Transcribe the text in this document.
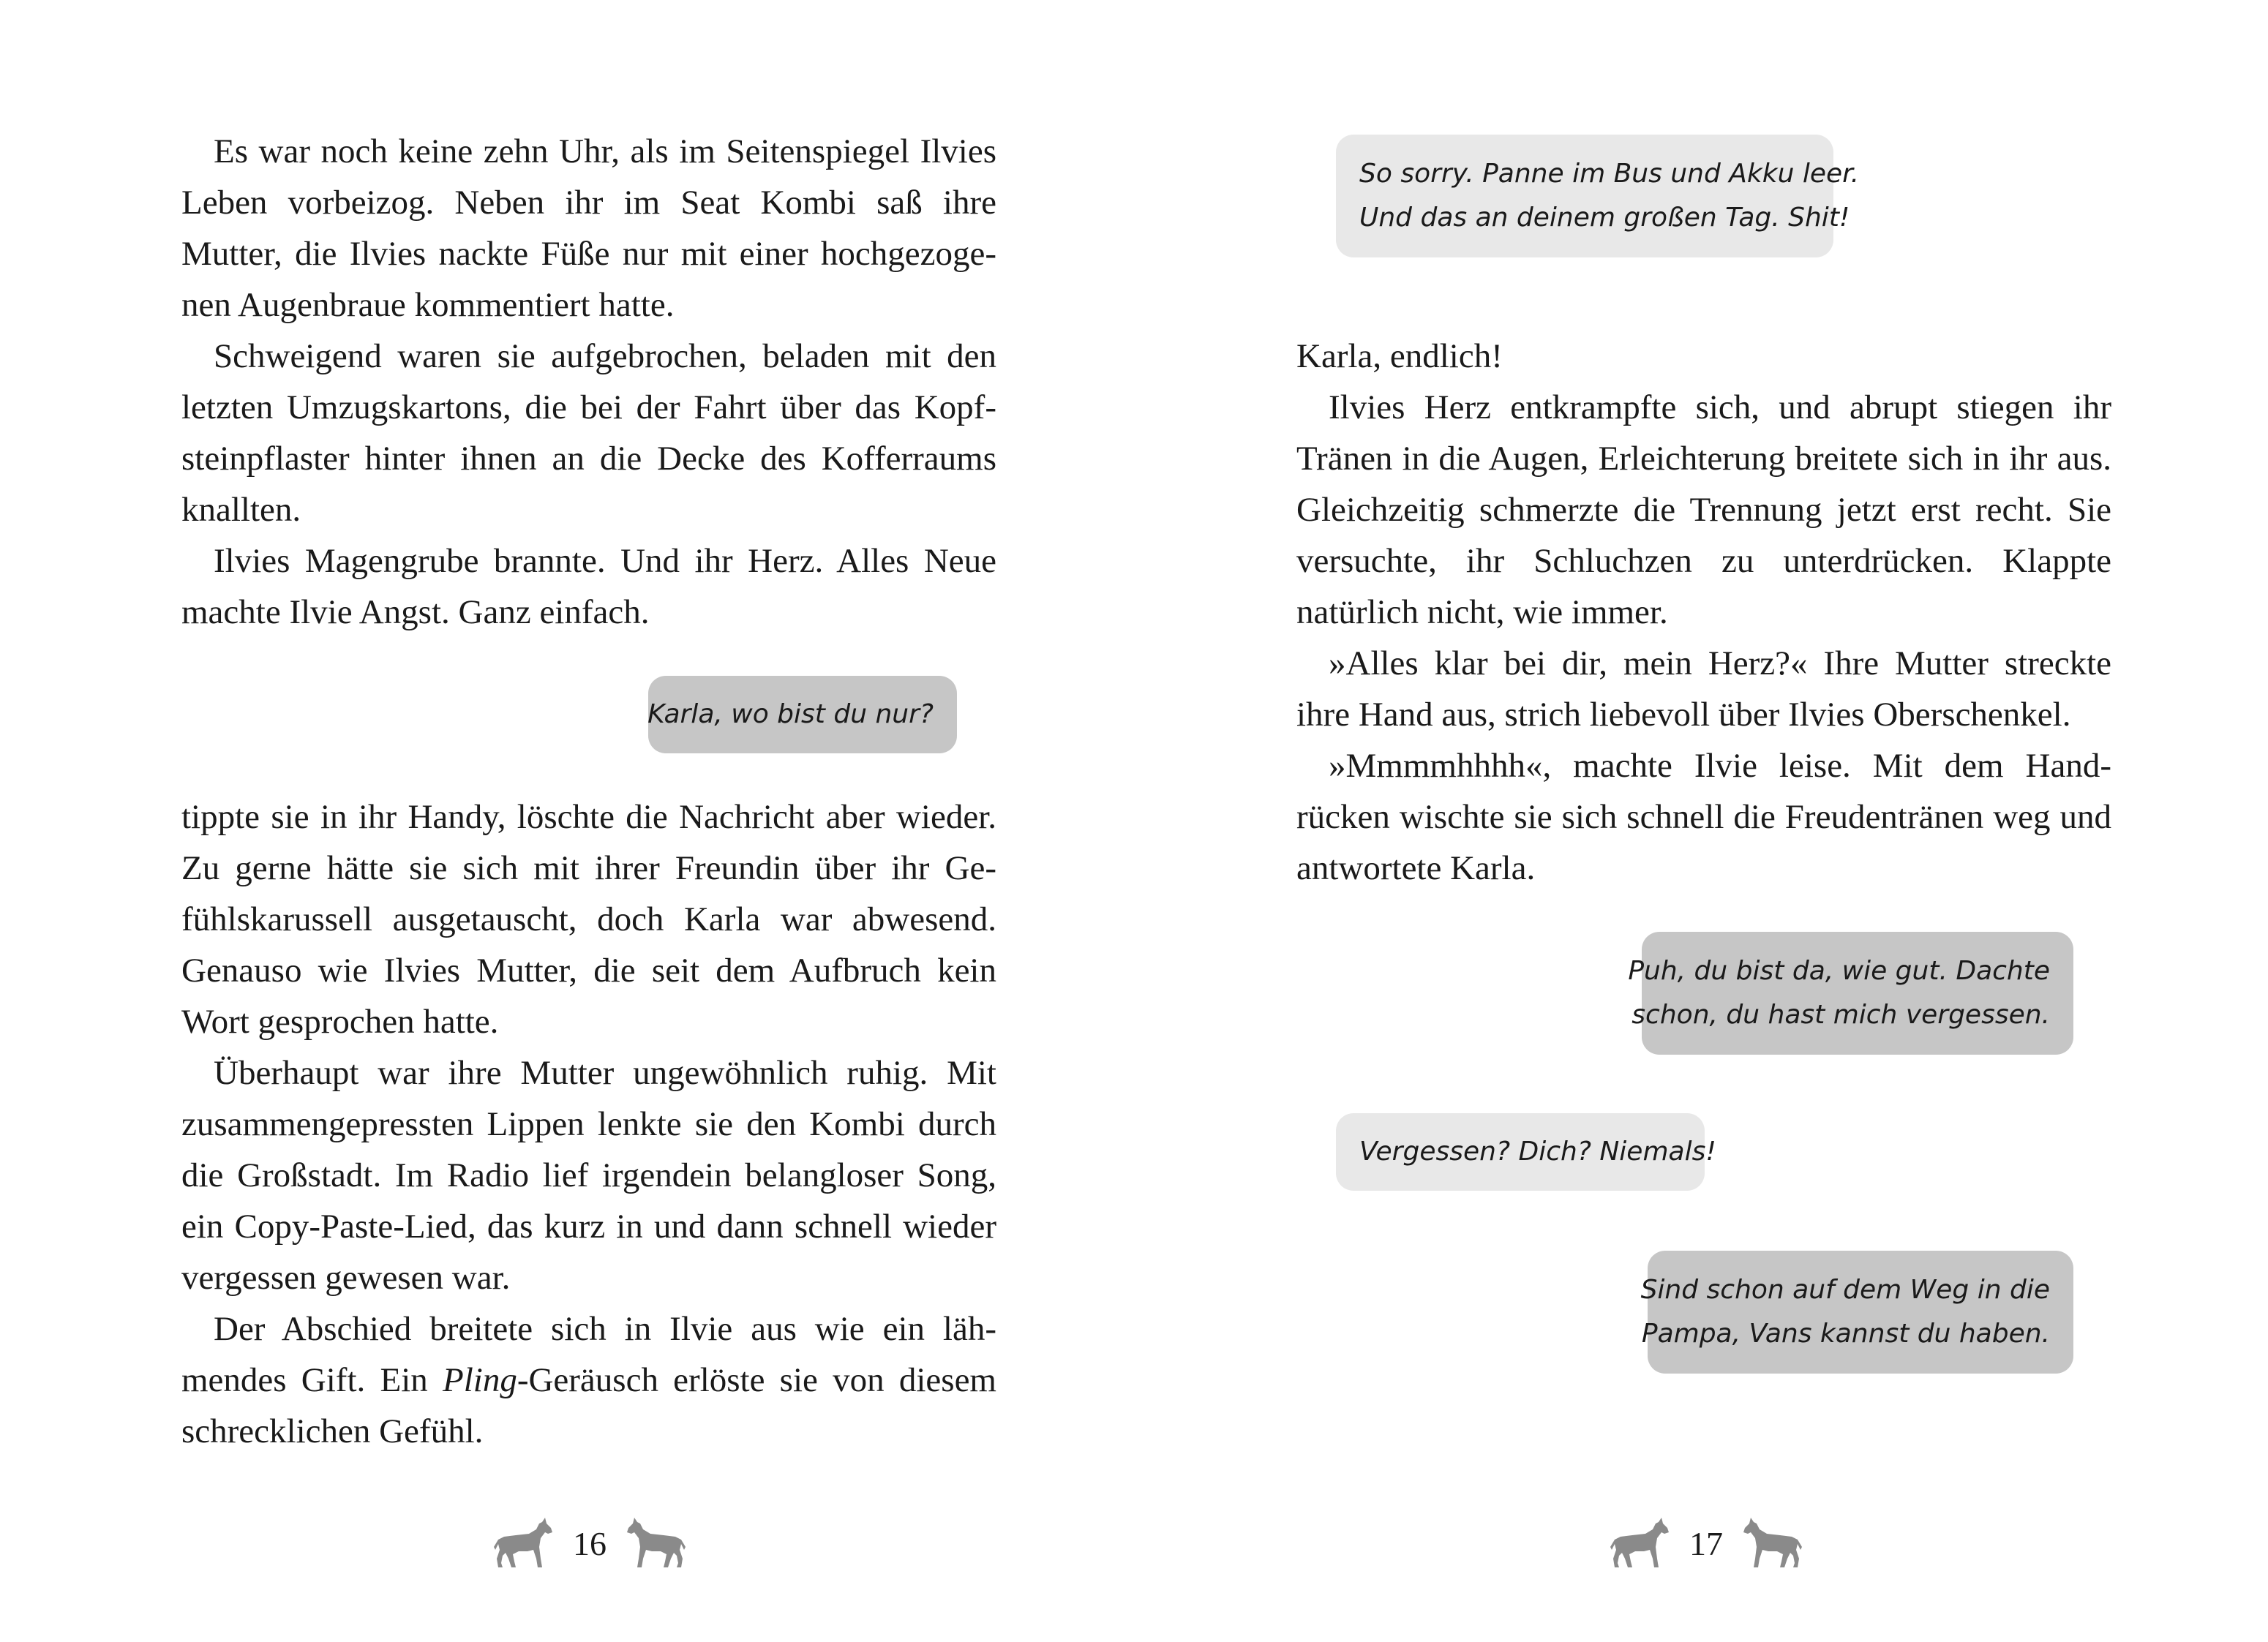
Es war noch keine zehn Uhr, als im Seitenspiegel Ilvies Leben vorbeizog. Neben ihr im Seat Kombi saß ihre Mutter, die Ilvies nackte Füße nur mit einer hochgezogenen Augenbraue kommentiert hatte.

Schweigend waren sie aufgebrochen, beladen mit den letzten Umzugskartons, die bei der Fahrt über das Kopfsteinpflaster hinter ihnen an die Decke des Kofferraums knallten.

Ilvies Magengrube brannte. Und ihr Herz. Alles Neue machte Ilvie Angst. Ganz einfach.

Karla, wo bist du nur?

tippte sie in ihr Handy, löschte die Nachricht aber wieder. Zu gerne hätte sie sich mit ihrer Freundin über ihr Gefühlskarussell ausgetauscht, doch Karla war abwesend. Genauso wie Ilvies Mutter, die seit dem Aufbruch kein Wort gesprochen hatte.

Überhaupt war ihre Mutter ungewöhnlich ruhig. Mit zusammengepressten Lippen lenkte sie den Kombi durch die Großstadt. Im Radio lief irgendein belangloser Song, ein Copy-Paste-Lied, das kurz in und dann schnell wieder vergessen gewesen war.

Der Abschied breitete sich in Ilvie aus wie ein lähmendes Gift. Ein Pling-Geräusch erlöste sie von diesem schrecklichen Gefühl.

16
So sorry. Panne im Bus und Akku leer.
Und das an deinem großen Tag. Shit!

Karla, endlich!

Ilvies Herz entkrampfte sich, und abrupt stiegen ihr Tränen in die Augen, Erleichterung breitete sich in ihr aus. Gleichzeitig schmerzte die Trennung jetzt erst recht. Sie versuchte, ihr Schluchzen zu unterdrücken. Klappte natürlich nicht, wie immer.

»Alles klar bei dir, mein Herz?« Ihre Mutter streckte ihre Hand aus, strich liebevoll über Ilvies Oberschenkel.

»Mmmmhhhh«, machte Ilvie leise. Mit dem Handrücken wischte sie sich schnell die Freudentränen weg und antwortete Karla.

Puh, du bist da, wie gut. Dachte
schon, du hast mich vergessen.
Vergessen? Dich? Niemals!
Sind schon auf dem Weg in die
Pampa, Vans kannst du haben.
17
